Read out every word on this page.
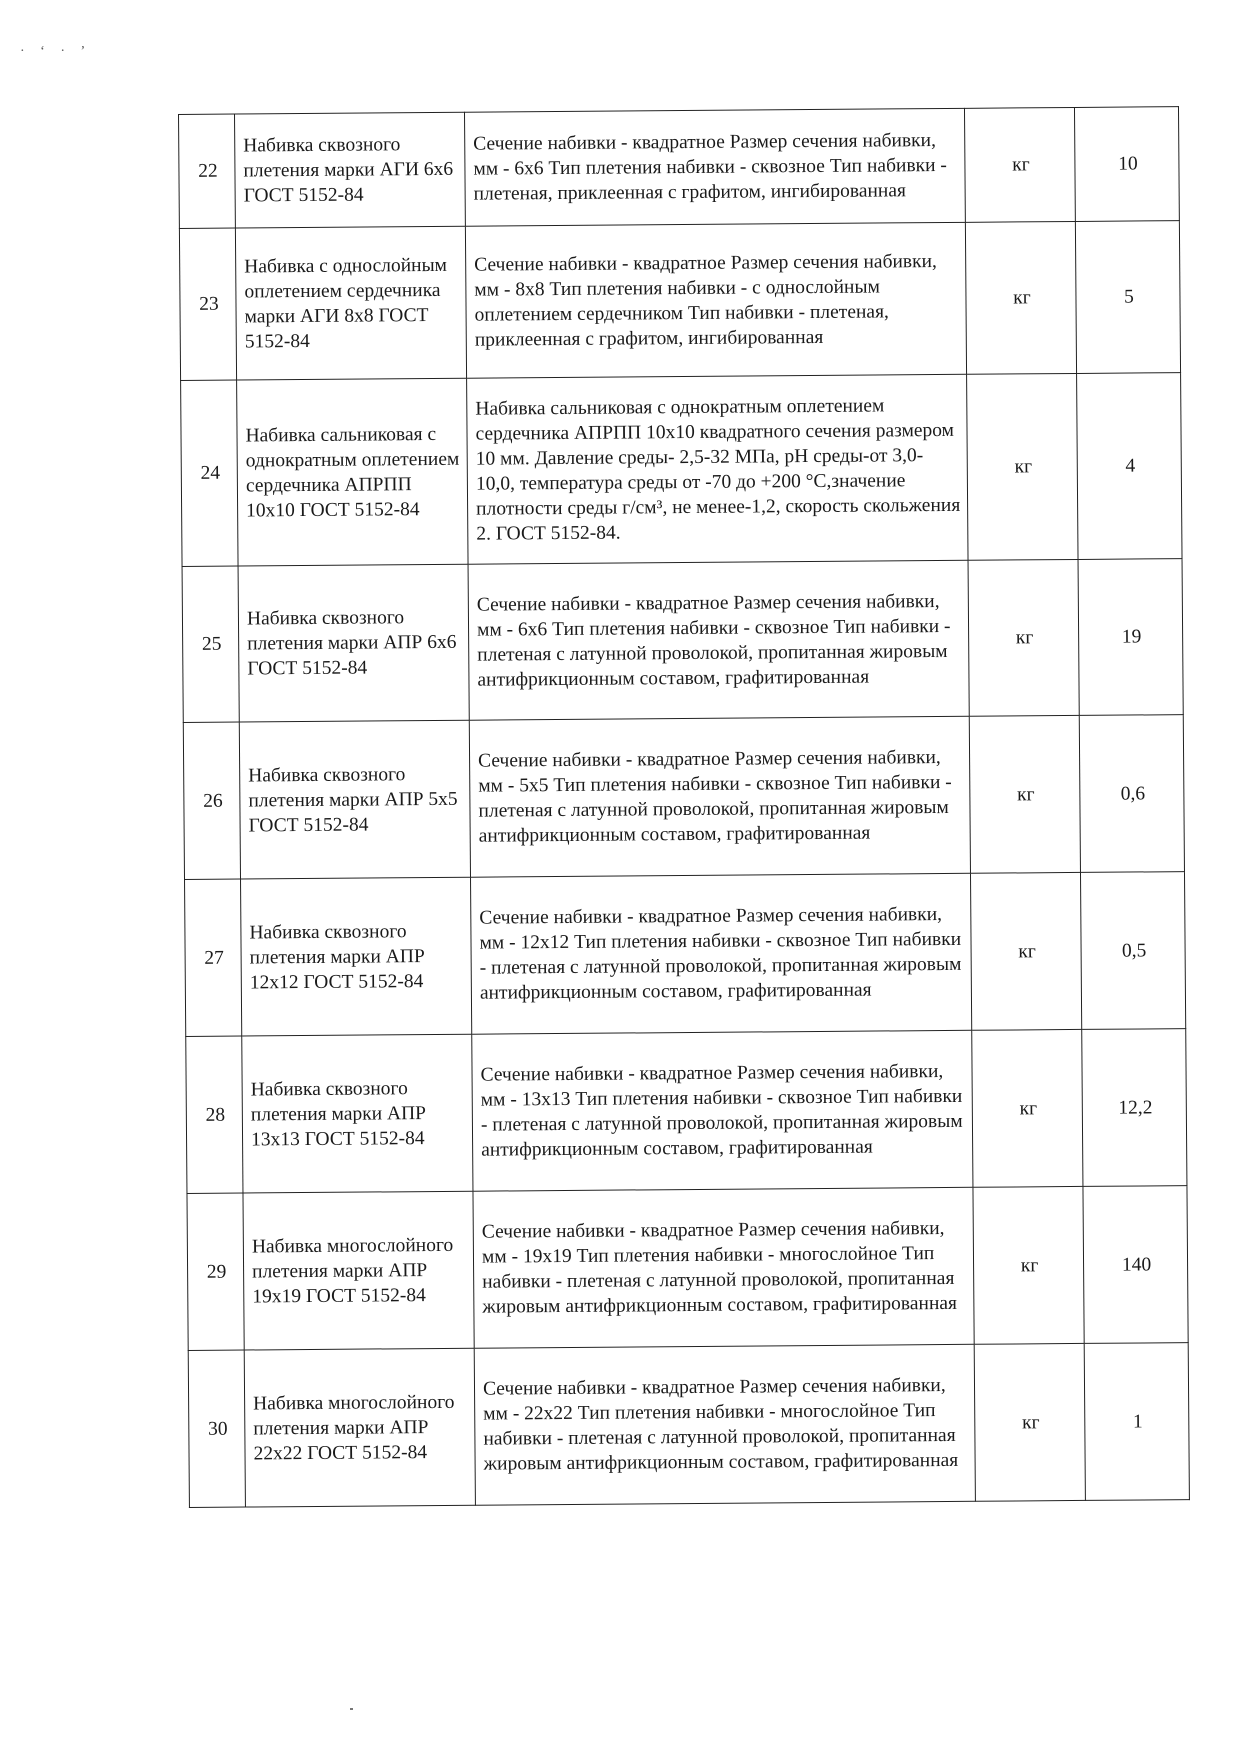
· ‘ · ’
22	Набивка сквозного плетения марки АГИ 6х6 ГОСТ 5152-84	Сечение набивки - квадратное Размер сечения набивки, мм - 6х6 Тип плетения набивки - сквозное Тип набивки - плетеная, приклеенная с графитом, ингибированная	кг	10
23	Набивка с однослойным оплетением сердечника марки АГИ 8х8 ГОСТ 5152-84	Сечение набивки - квадратное Размер сечения набивки, мм - 8х8 Тип плетения набивки - с однослойным оплетением сердечником Тип набивки - плетеная, приклеенная с графитом, ингибированная	кг	5
24	Набивка сальниковая с однократным оплетением сердечника АПРПП 10х10 ГОСТ 5152-84	Набивка сальниковая с однократным оплетением сердечника АПРПП 10х10 квадратного сечения размером 10 мм. Давление среды- 2,5-32 МПа, pH среды-от 3,0-10,0, температура среды от -70 до +200 °С,значение плотности среды г/см³, не менее-1,2, скорость скольжения 2. ГОСТ 5152-84.	кг	4
25	Набивка сквозного плетения марки АПР 6х6 ГОСТ 5152-84	Сечение набивки - квадратное Размер сечения набивки, мм - 6х6 Тип плетения набивки - сквозное Тип набивки - плетеная с латунной проволокой, пропитанная жировым антифрикционным составом, графитированная	кг	19
26	Набивка сквозного плетения марки АПР 5х5 ГОСТ 5152-84	Сечение набивки - квадратное Размер сечения набивки, мм - 5х5 Тип плетения набивки - сквозное Тип набивки - плетеная с латунной проволокой, пропитанная жировым антифрикционным составом, графитированная	кг	0,6
27	Набивка сквозного плетения марки АПР 12х12 ГОСТ 5152-84	Сечение набивки - квадратное Размер сечения набивки, мм - 12х12 Тип плетения набивки - сквозное Тип набивки - плетеная с латунной проволокой, пропитанная жировым антифрикционным составом, графитированная	кг	0,5
28	Набивка сквозного плетения марки АПР 13х13 ГОСТ 5152-84	Сечение набивки - квадратное Размер сечения набивки, мм - 13х13 Тип плетения набивки - сквозное Тип набивки - плетеная с латунной проволокой, пропитанная жировым антифрикционным составом, графитированная	кг	12,2
29	Набивка многослойного плетения марки АПР 19х19 ГОСТ 5152-84	Сечение набивки - квадратное Размер сечения набивки, мм - 19х19 Тип плетения набивки - многослойное Тип набивки - плетеная с латунной проволокой, пропитанная жировым антифрикционным составом, графитированная	кг	140
30	Набивка многослойного плетения марки АПР 22х22 ГОСТ 5152-84	Сечение набивки - квадратное Размер сечения набивки, мм - 22х22 Тип плетения набивки - многослойное Тип набивки - плетеная с латунной проволокой, пропитанная жировым антифрикционным составом, графитированная	кг	1
